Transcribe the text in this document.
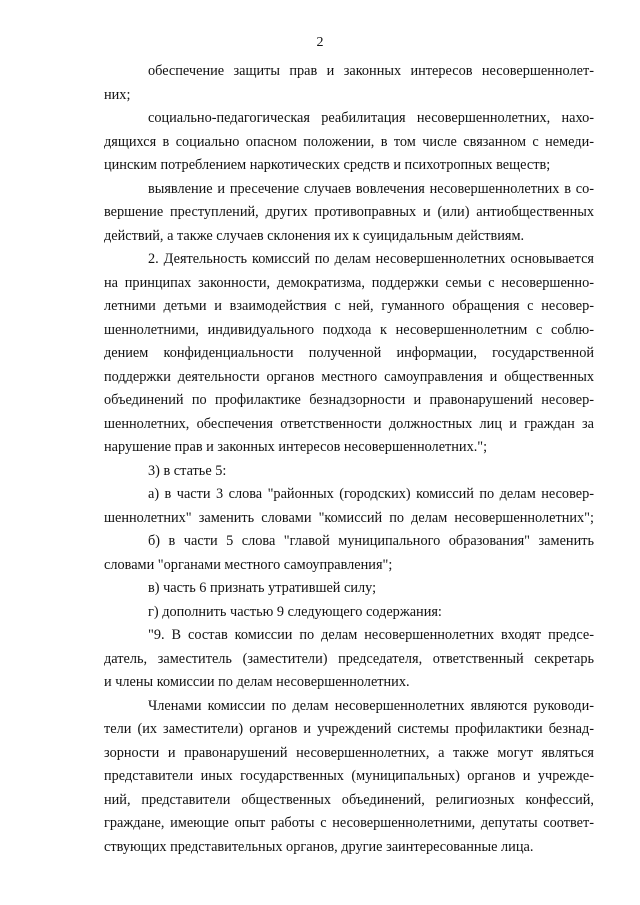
2
обеспечение защиты прав и законных интересов несовершеннолет-
них;
социально-педагогическая реабилитация несовершеннолетних, нахо-
дящихся в социально опасном положении, в том числе связанном с немеди-
цинским потреблением наркотических средств и психотропных веществ;
выявление и пресечение случаев вовлечения несовершеннолетних в со-
вершение преступлений, других противоправных и (или) антиобщественных
действий, а также случаев склонения их к суицидальным действиям.
2. Деятельность комиссий по делам несовершеннолетних основывается
на принципах законности, демократизма, поддержки семьи с несовершенно-
летними детьми и взаимодействия с ней, гуманного обращения с несовер-
шеннолетними, индивидуального подхода к несовершеннолетним с соблю-
дением конфиденциальности полученной информации, государственной
поддержки деятельности органов местного самоуправления и общественных
объединений по профилактике безнадзорности и правонарушений несовер-
шеннолетних, обеспечения ответственности должностных лиц и граждан за
нарушение прав и законных интересов несовершеннолетних.";
3) в статье 5:
а) в части 3 слова "районных (городских) комиссий по делам несовер-
шеннолетних" заменить словами "комиссий по делам несовершеннолетних";
б) в части 5 слова "главой муниципального образования" заменить
словами "органами местного самоуправления";
в) часть 6 признать утратившей силу;
г) дополнить частью 9 следующего содержания:
"9. В состав комиссии по делам несовершеннолетних входят предсе-
датель, заместитель (заместители) председателя, ответственный секретарь
и члены комиссии по делам несовершеннолетних.
Членами комиссии по делам несовершеннолетних являются руководи-
тели (их заместители) органов и учреждений системы профилактики безнад-
зорности и правонарушений несовершеннолетних, а также могут являться
представители иных государственных (муниципальных) органов и учрежде-
ний, представители общественных объединений, религиозных конфессий,
граждане, имеющие опыт работы с несовершеннолетними, депутаты соответ-
ствующих представительных органов, другие заинтересованные лица.
